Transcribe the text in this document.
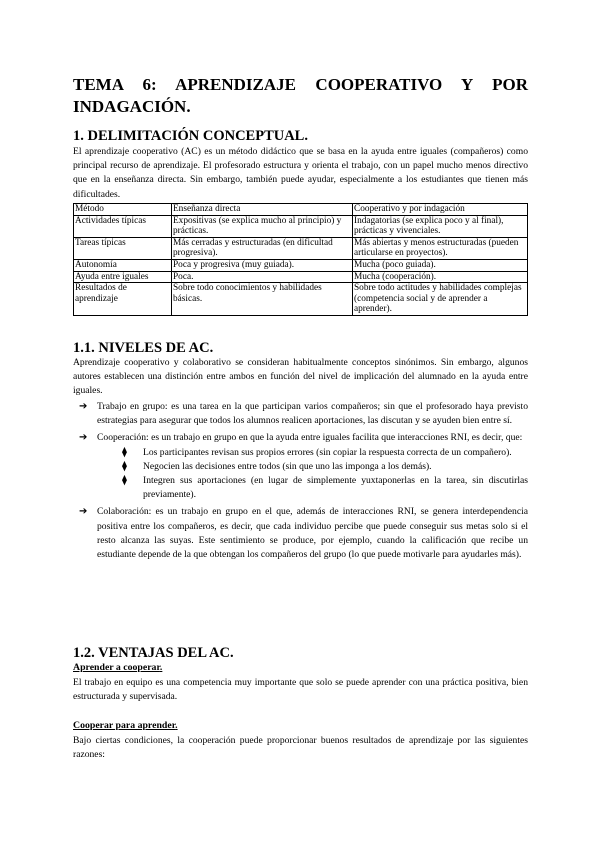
TEMA 6: APRENDIZAJE COOPERATIVO Y POR INDAGACIÓN.
1. DELIMITACIÓN CONCEPTUAL.

El aprendizaje cooperativo (AC) es un método didáctico que se basa en la ayuda entre iguales (compañeros) como principal recurso de aprendizaje. El profesorado estructura y orienta el trabajo, con un papel mucho menos directivo que en la enseñanza directa. Sin embargo, también puede ayudar, especialmente a los estudiantes que tienen más dificultades.

Método	Enseñanza directa	Cooperativo y por indagación
Actividades típicas	Expositivas (se explica mucho al principio) y prácticas.	Indagatorias (se explica poco y al final), prácticas y vivenciales.
Tareas típicas	Más cerradas y estructuradas (en dificultad progresiva).	Más abiertas y menos estructuradas (pueden articularse en proyectos).
Autonomía	Poca y progresiva (muy guiada).	Mucha (poco guiada).
Ayuda entre iguales	Poca.	Mucha (cooperación).
Resultados de aprendizaje	Sobre todo conocimientos y habilidades básicas.	Sobre todo actitudes y habilidades complejas (competencia social y de aprender a aprender).
1.1. NIVELES DE AC.

Aprendizaje cooperativo y colaborativo se consideran habitualmente conceptos sinónimos. Sin embargo, algunos autores establecen una distinción entre ambos en función del nivel de implicación del alumnado en la ayuda entre iguales.

➔ Trabajo en grupo: es una tarea en la que participan varios compañeros; sin que el profesorado haya previsto estrategias para asegurar que todos los alumnos realicen aportaciones, las discutan y se ayuden bien entre sí.
➔ Cooperación: es un trabajo en grupo en que la ayuda entre iguales facilita que interacciones RNI, es decir, que:
⧫ Los participantes revisan sus propios errores (sin copiar la respuesta correcta de un compañero).
⧫ Negocien las decisiones entre todos (sin que uno las imponga a los demás).
⧫ Integren sus aportaciones (en lugar de simplemente yuxtaponerlas en la tarea, sin discutirlas previamente).
➔ Colaboración: es un trabajo en grupo en el que, además de interacciones RNI, se genera interdependencia positiva entre los compañeros, es decir, que cada individuo percibe que puede conseguir sus metas solo si el resto alcanza las suyas. Este sentimiento se produce, por ejemplo, cuando la calificación que recibe un estudiante depende de la que obtengan los compañeros del grupo (lo que puede motivarle para ayudarles más).
1.2. VENTAJAS DEL AC.

Aprender a cooperar.

El trabajo en equipo es una competencia muy importante que solo se puede aprender con una práctica positiva, bien estructurada y supervisada.

Cooperar para aprender.

Bajo ciertas condiciones, la cooperación puede proporcionar buenos resultados de aprendizaje por las siguientes razones:
